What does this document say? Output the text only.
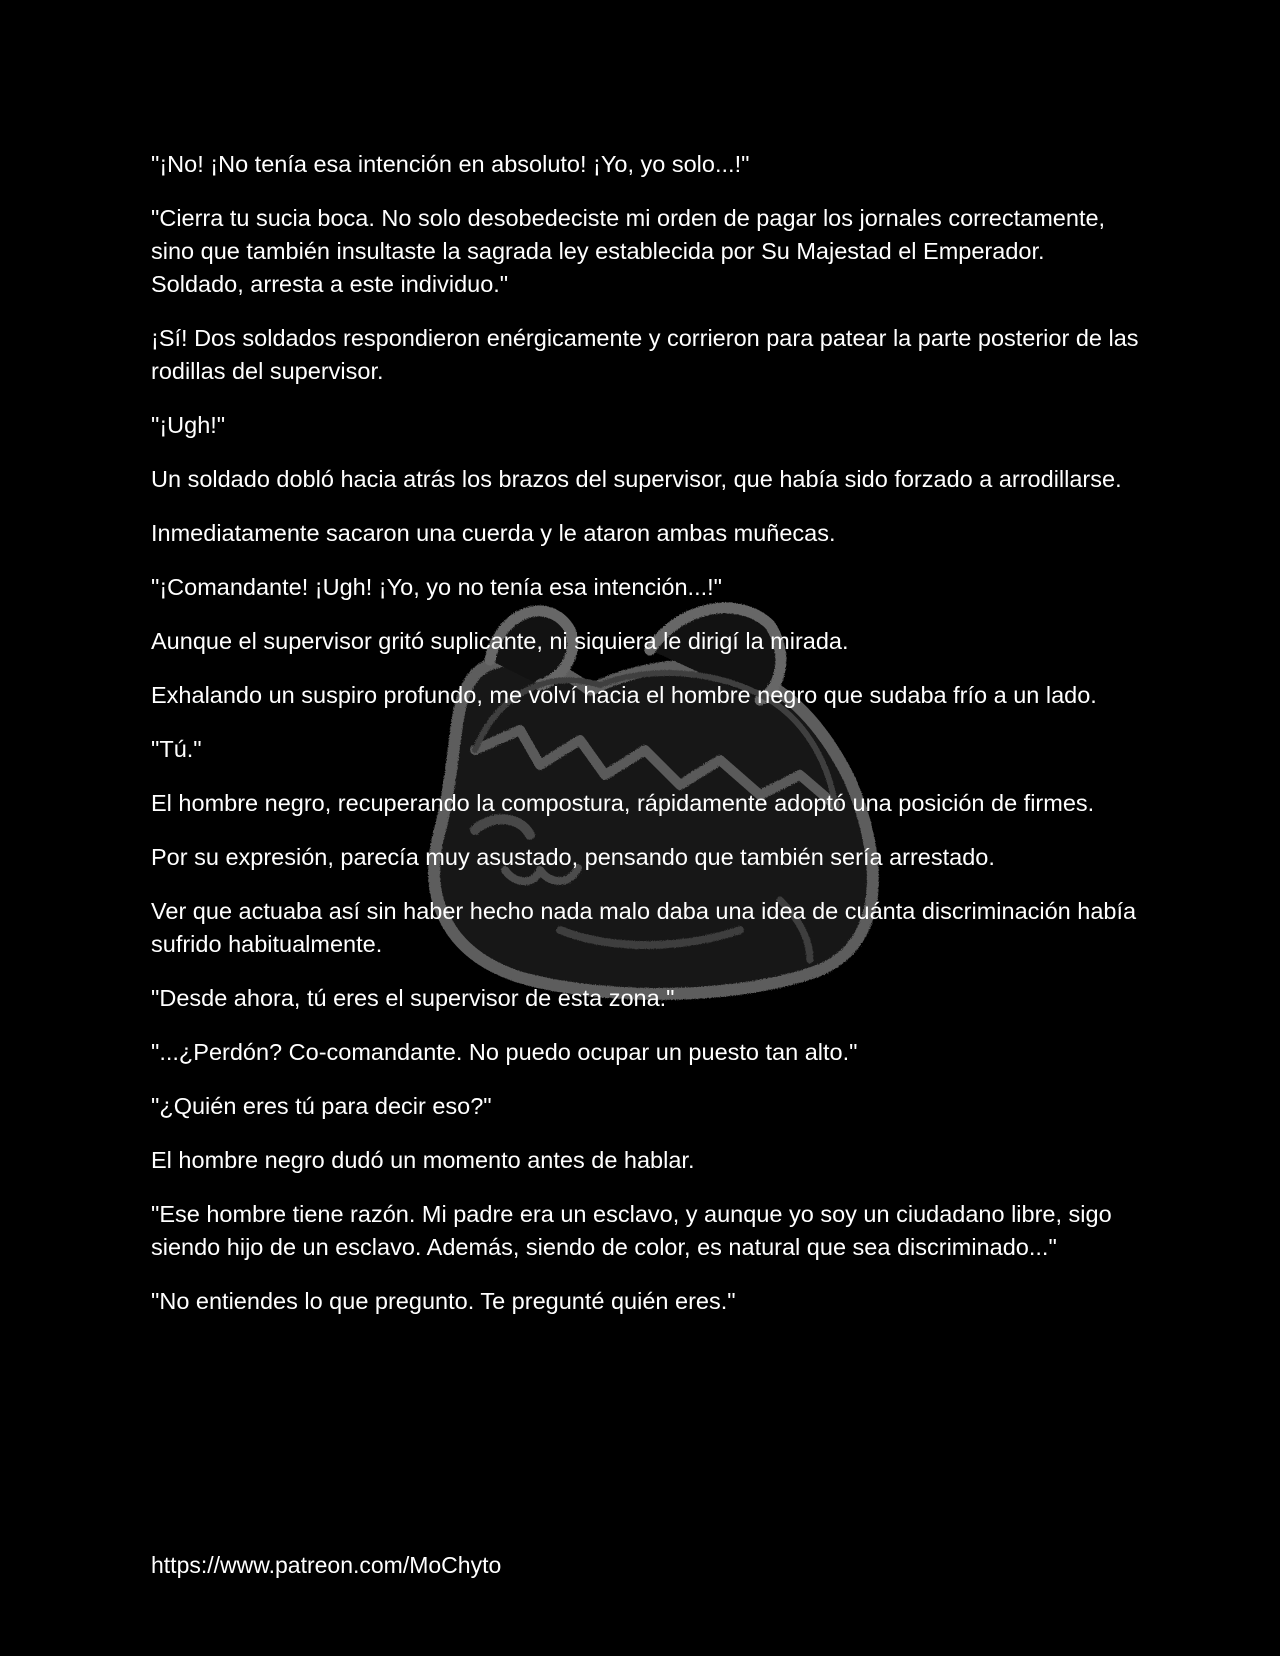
"¡No! ¡No tenía esa intención en absoluto! ¡Yo, yo solo...!"

"Cierra tu sucia boca. No solo desobedeciste mi orden de pagar los jornales correctamente, sino que también insultaste la sagrada ley establecida por Su Majestad el Emperador. Soldado, arresta a este individuo."

¡Sí! Dos soldados respondieron enérgicamente y corrieron para patear la parte posterior de las rodillas del supervisor.

"¡Ugh!"

Un soldado dobló hacia atrás los brazos del supervisor, que había sido forzado a arrodillarse.

Inmediatamente sacaron una cuerda y le ataron ambas muñecas.

"¡Comandante! ¡Ugh! ¡Yo, yo no tenía esa intención...!"

Aunque el supervisor gritó suplicante, ni siquiera le dirigí la mirada.

Exhalando un suspiro profundo, me volví hacia el hombre negro que sudaba frío a un lado.

"Tú."

El hombre negro, recuperando la compostura, rápidamente adoptó una posición de firmes.

Por su expresión, parecía muy asustado, pensando que también sería arrestado.

Ver que actuaba así sin haber hecho nada malo daba una idea de cuánta discriminación había sufrido habitualmente.

"Desde ahora, tú eres el supervisor de esta zona."

"...¿Perdón? Co-comandante. No puedo ocupar un puesto tan alto."

"¿Quién eres tú para decir eso?"

El hombre negro dudó un momento antes de hablar.

"Ese hombre tiene razón. Mi padre era un esclavo, y aunque yo soy un ciudadano libre, sigo siendo hijo de un esclavo. Además, siendo de color, es natural que sea discriminado..."

"No entiendes lo que pregunto. Te pregunté quién eres."

https://www.patreon.com/MoChyto
